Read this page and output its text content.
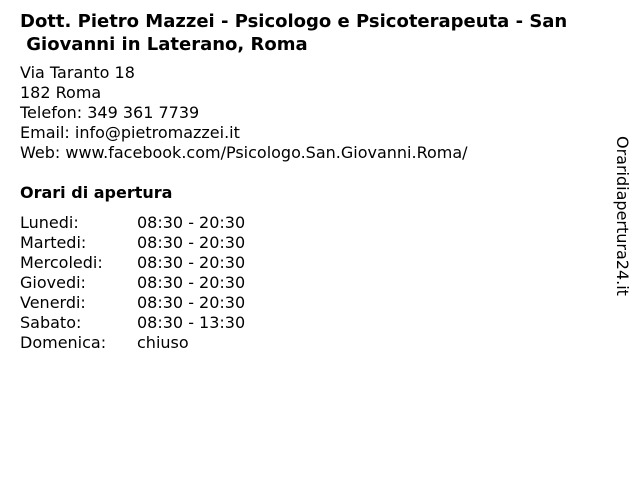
Dott. Pietro Mazzei - Psicologo e Psicoterapeuta - San
Giovanni in Laterano, Roma
Via Taranto 18
182 Roma
Telefon: 349 361 7739
Email: info@pietromazzei.it
Web: www.facebook.com/Psicologo.San.Giovanni.Roma/
Orari di apertura
Lunedi:	08:30 - 20:30
Martedi:	08:30 - 20:30
Mercoledi: 08:30 - 20:30
Giovedi:	08:30 - 20:30
Venerdi:	08:30 - 20:30
Sabato:	08:30 - 13:30
Domenica: chiuso
Oraridiapertura24.it
